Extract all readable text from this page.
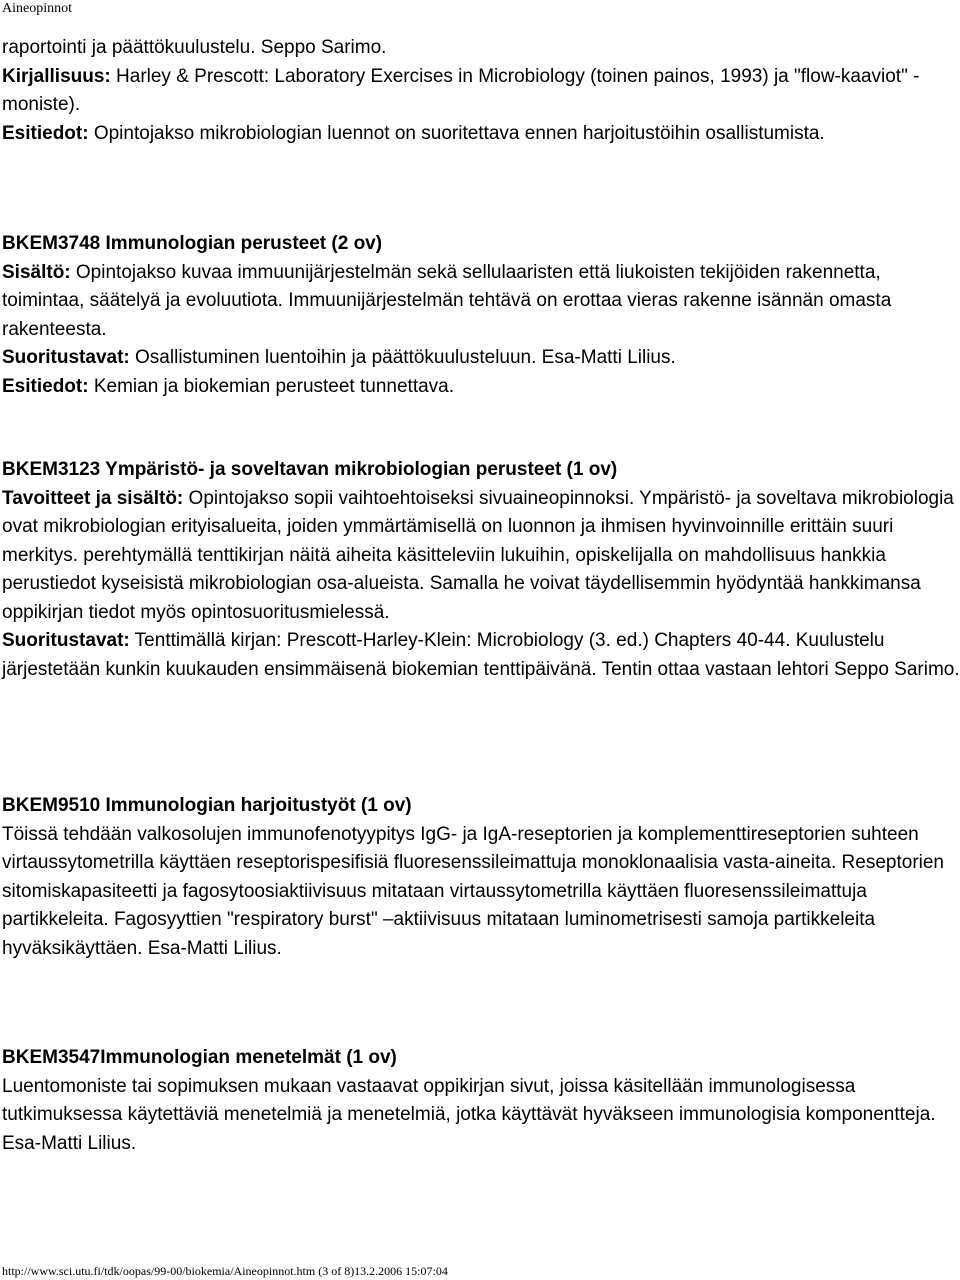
Aineopinnot
raportointi ja päättökuulustelu. Seppo Sarimo.
Kirjallisuus: Harley & Prescott: Laboratory Exercises in Microbiology (toinen painos, 1993) ja "flow-kaaviot" - moniste).
Esitiedot: Opintojakso mikrobiologian luennot on suoritettava ennen harjoitustöihin osallistumista.
BKEM3748 Immunologian perusteet (2 ov)
Sisältö: Opintojakso kuvaa immuunijärjestelmän sekä sellulaaristen että liukoisten tekijöiden rakennetta, toimintaa, säätelyä ja evoluutiota. Immuunijärjestelmän tehtävä on erottaa vieras rakenne isännän omasta rakenteesta.
Suoritustavat: Osallistuminen luentoihin ja päättökuulusteluun. Esa-Matti Lilius.
Esitiedot: Kemian ja biokemian perusteet tunnettava.
BKEM3123 Ympäristö- ja soveltavan mikrobiologian perusteet (1 ov)
Tavoitteet ja sisältö: Opintojakso sopii vaihtoehtoiseksi sivuaineopinnoksi. Ympäristö- ja soveltava mikrobiologia ovat mikrobiologian erityisalueita, joiden ymmärtämisellä on luonnon ja ihmisen hyvinvoinnille erittäin suuri merkitys. perehtymällä tenttikirjan näitä aiheita käsitteleviin lukuihin, opiskelijalla on mahdollisuus hankkia perustiedot kyseisistä mikrobiologian osa-alueista. Samalla he voivat täydellisemmin hyödyntää hankkimansa oppikirjan tiedot myös opintosuoritusmielessä.
Suoritustavat: Tenttimällä kirjan: Prescott-Harley-Klein: Microbiology (3. ed.) Chapters 40-44. Kuulustelu järjestetään kunkin kuukauden ensimmäisenä biokemian tenttipäivänä. Tentin ottaa vastaan lehtori Seppo Sarimo.
BKEM9510 Immunologian harjoitustyöt (1 ov)
Töissä tehdään valkosolujen immunofenotyypitys IgG- ja IgA-reseptorien ja komplementtireseptorien suhteen virtaussytometrilla käyttäen reseptorispesifisiä fluoresenssileimattuja monoklonaalisia vasta-aineita. Reseptorien sitomiskapasiteetti ja fagosytoosiaktiivisuus mitataan virtaussytometrilla käyttäen fluoresenssileimattuja partikkeleita. Fagosyyttien "respiratory burst" –aktiivisuus mitataan luminometrisesti samoja partikkeleita hyväksikäyttäen. Esa-Matti Lilius.
BKEM3547Immunologian menetelmät (1 ov)
Luentomoniste tai sopimuksen mukaan vastaavat oppikirjan sivut, joissa käsitellään immunologisessa tutkimuksessa käytettäviä menetelmiä ja menetelmiä, jotka käyttävät hyväkseen immunologisia komponentteja. Esa-Matti Lilius.
http://www.sci.utu.fi/tdk/oopas/99-00/biokemia/Aineopinnot.htm (3 of 8)13.2.2006 15:07:04
